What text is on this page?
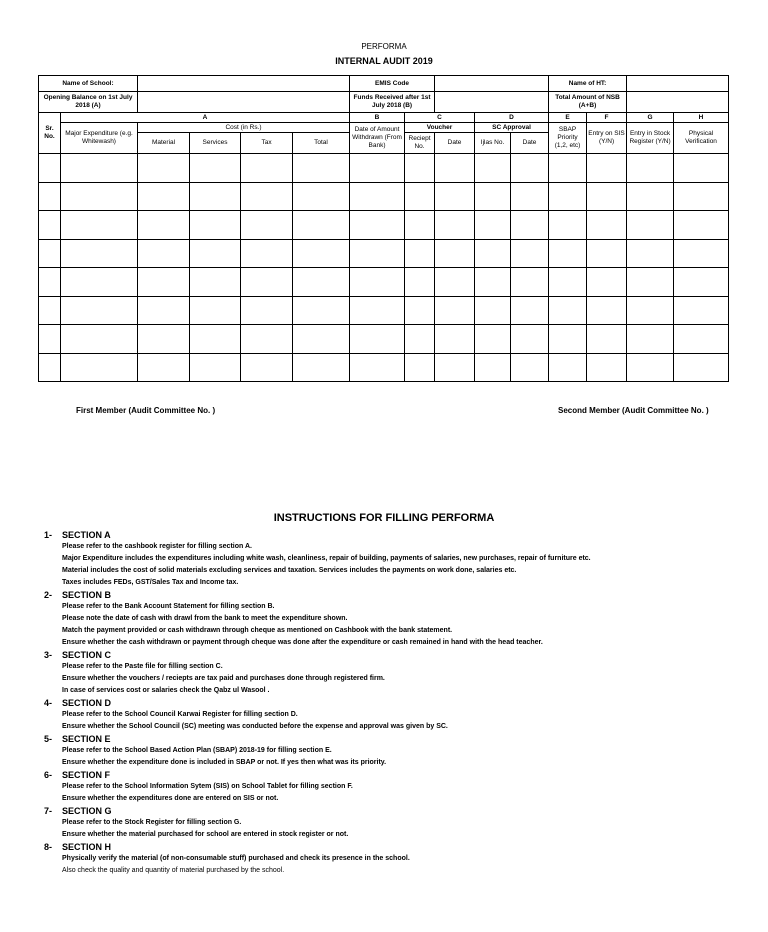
PERFORMA
INTERNAL AUDIT 2019
Name of School:						EMIS Code					Name of HT:			
Opening Balance on 1st July 2018 (A)						Funds Received after 1st July 2018 (B)					Total Amount of NSB (A+B)			
Sr. No.	A					B	C		D		E	F	G	H
	Major Expenditure (e.g. Whitewash)	Cost (in Rs.)				Date of Amount Withdrawn (From Bank)	Voucher		SC Approval		SBAP Priority (1,2, etc)	Entry on SIS (Y/N)	Entry in Stock Register (Y/N)	Physical Verification
		Material	Services	Tax	Total		Reciept No.	Date	Ijlas No.	Date				

First Member (Audit Committee No. )	Second Member (Audit Committee No. )
INSTRUCTIONS FOR FILLING PERFORMA
1- SECTION A
Please refer to the cashbook register for filling section A.
Major Expenditure includes the expenditures including white wash, cleanliness, repair of building, payments of salaries, new purchases, repair of furniture etc.
Material includes the cost of solid materials excluding services and taxation. Services includes the payments on work done, salaries etc.
Taxes includes FEDs, GST/Sales Tax and Income tax.
2- SECTION B
Please refer to the Bank Account Statement for filling section B.
Please note the date of cash with drawl from the bank to meet the expenditure shown.
Match the payment provided or cash withdrawn through cheque as mentioned on Cashbook with the bank statement.
Ensure whether the cash withdrawn or payment through cheque was done after the expenditure or cash remained in hand with the head teacher.
3- SECTION C
Please refer to the Paste file for filling section C.
Ensure whether the vouchers / reciepts are tax paid and purchases done through registered firm.
In case of services cost or salaries check the Qabz ul Wasool .
4- SECTION D
Please refer to the School Council Karwai Register for filling section D.
Ensure whether the School Council (SC) meeting was conducted before the expense and approval was given by SC.
5- SECTION E
Please refer to the School Based Action Plan (SBAP) 2018-19 for filling section E.
Ensure whether the expenditure done is included in SBAP or not. If yes then what was its priority.
6- SECTION F
Please refer to the School Information Sytem (SIS) on School Tablet for filling section F.
Ensure whether the expenditures done are entered on SIS or not.
7- SECTION G
Please refer to the Stock Register for filling section G.
Ensure whether the material purchased for school are entered in stock register or not.
8- SECTION H
Physically verify the material (of non-consumable stuff) purchased and check its presence in the school.
Also check the quality and quantity of material purchased by the school.
